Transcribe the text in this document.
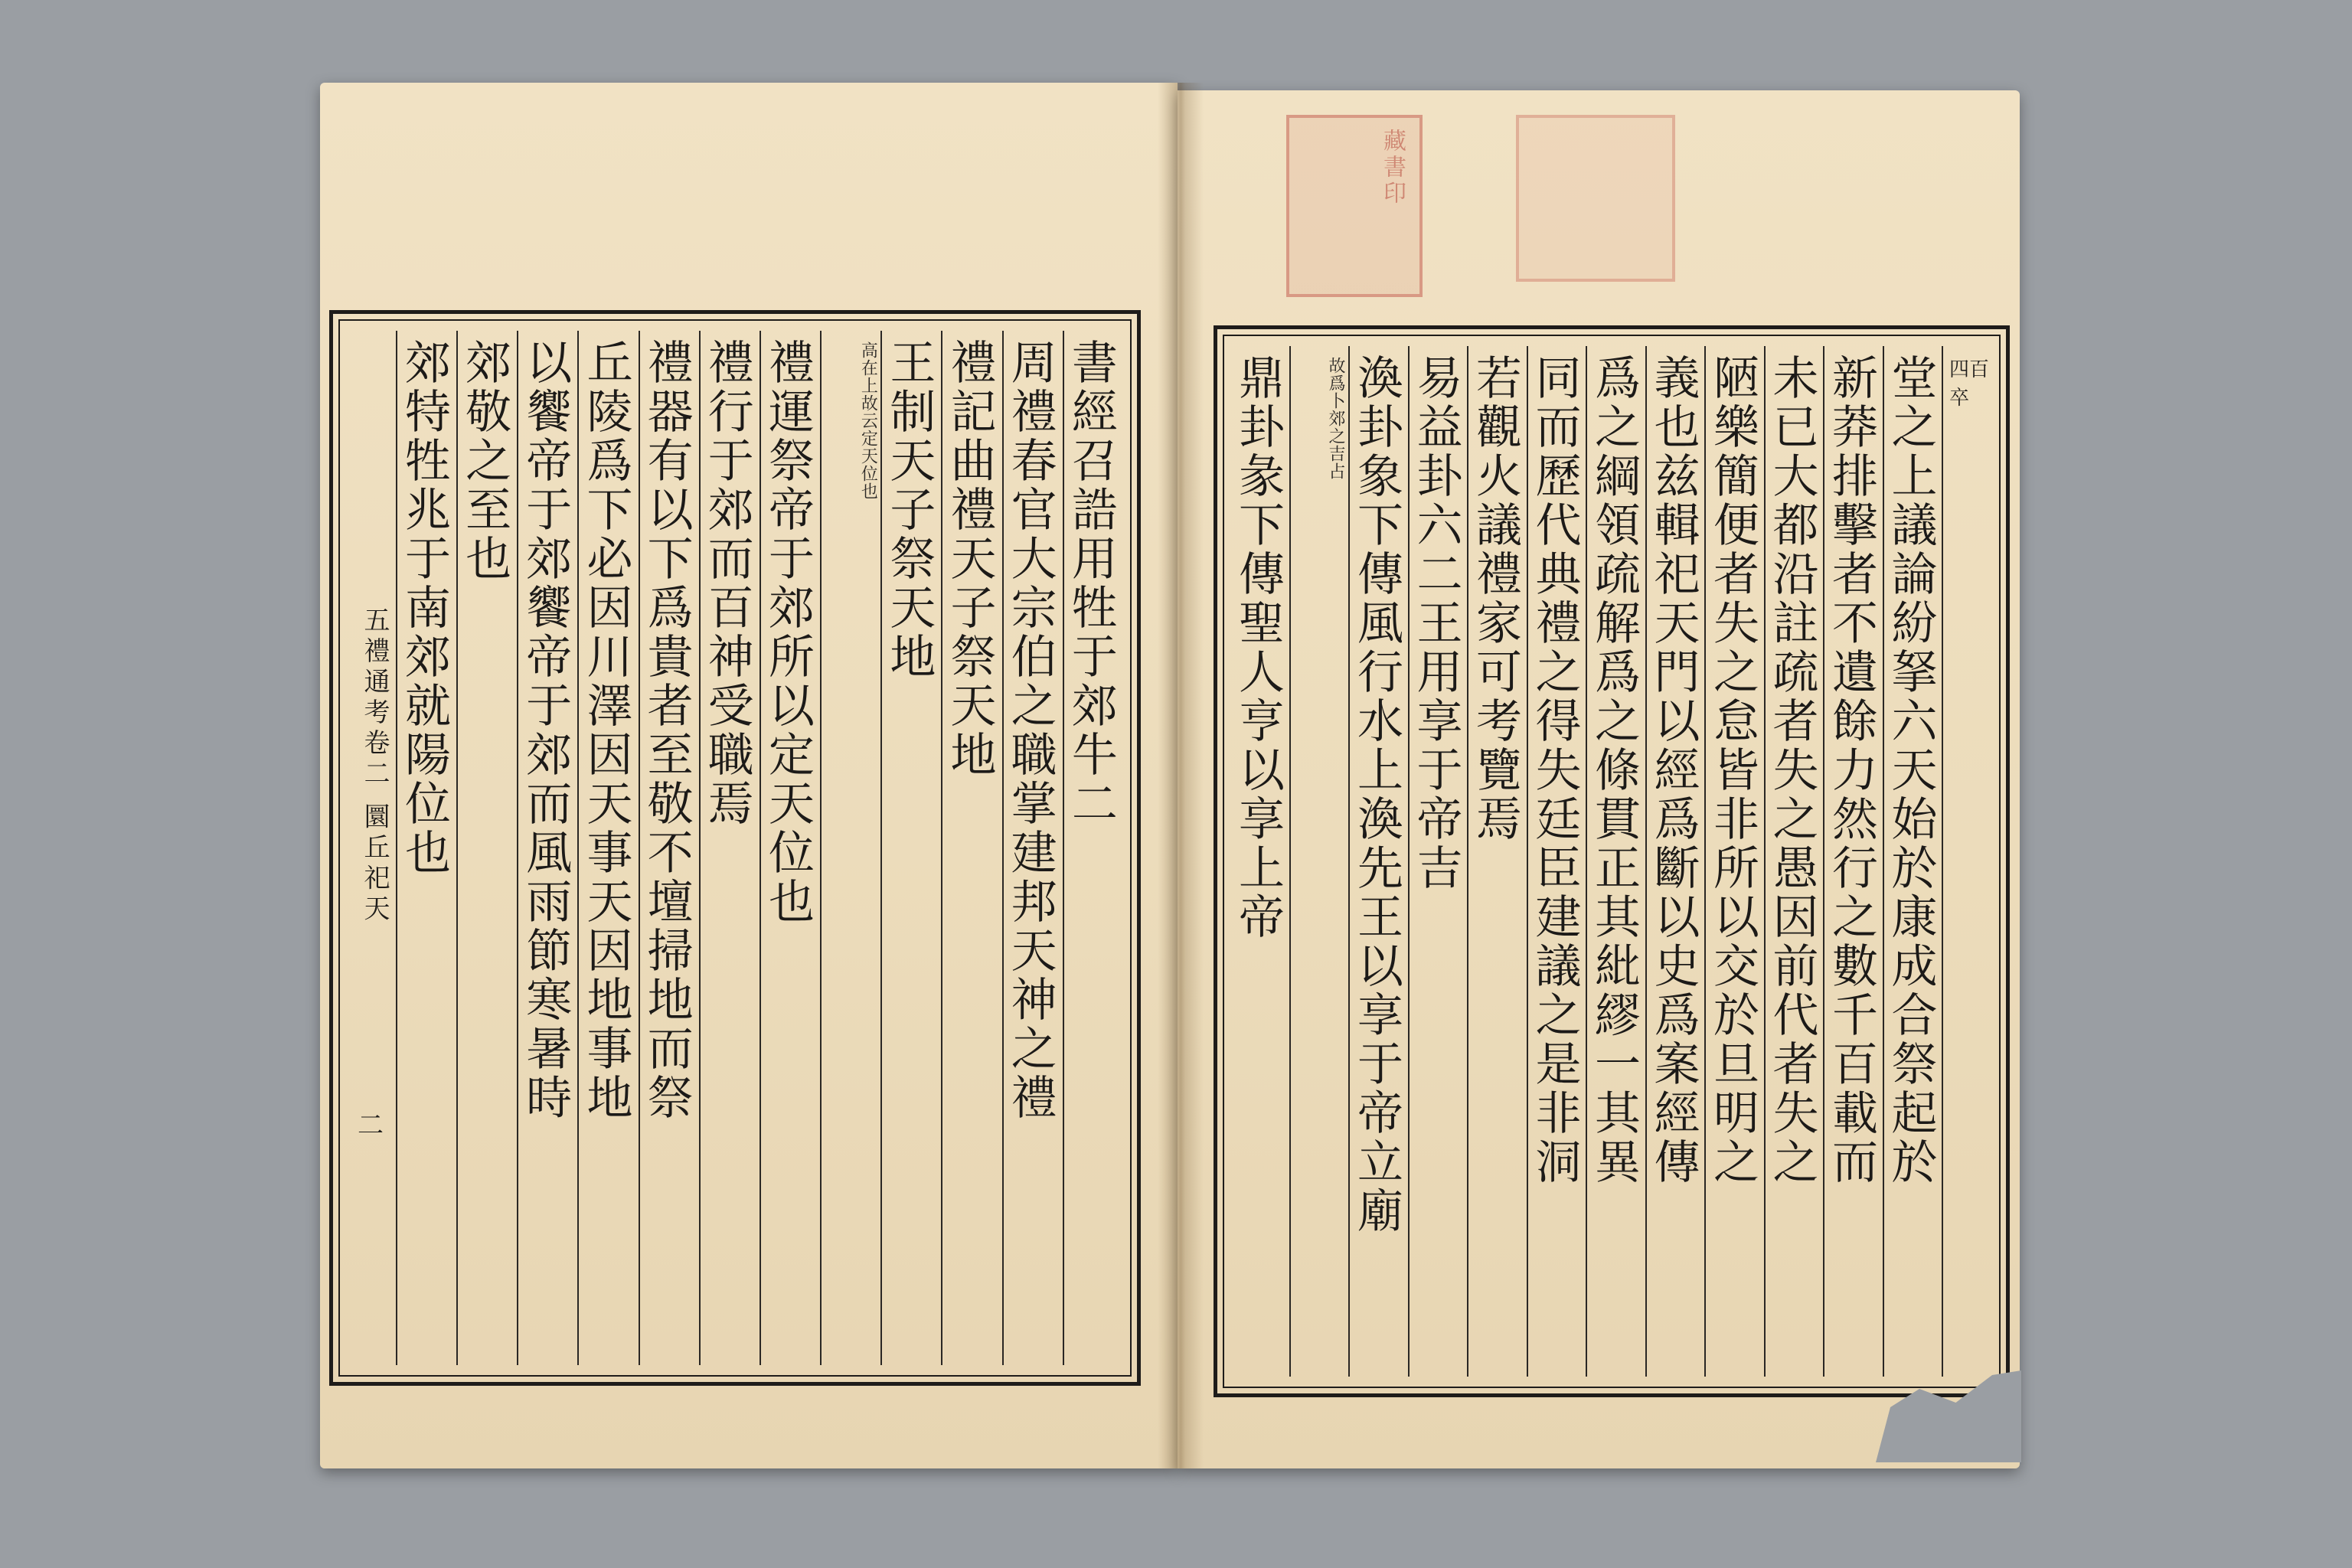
藏書印
書經召誥用牲于郊牛二
周禮春官大宗伯之職掌建邦天神之禮
禮記曲禮天子祭天地
王制天子祭天地
高在上故云定天位也
禮運祭帝于郊所以定天位也
禮行于郊而百神受職焉
禮器有以下爲貴者至敬不壇掃地而祭
丘陵爲下必因川澤因天事天因地事地
以饗帝于郊饗帝于郊而風雨節寒暑時
郊敬之至也
郊特牲兆于南郊就陽位也
五禮通考卷二 圜丘祀天
二
四百卒
堂之上議論紛拏六天始於康成合祭起於
新莽排擊者不遺餘力然行之數千百載而
未已大都沿註疏者失之愚因前代者失之
陋樂簡便者失之怠皆非所以交於旦明之
義也兹輯祀天門以經爲斷以史爲案經傳
爲之綱領疏解爲之條貫正其紕繆一其異
同而歷代典禮之得失廷臣建議之是非洞
若觀火議禮家可考覽焉
易益卦六二王用享于帝吉
渙卦象下傳風行水上渙先王以享于帝立廟
故爲卜郊之吉占
鼎卦彖下傳聖人亨以享上帝
